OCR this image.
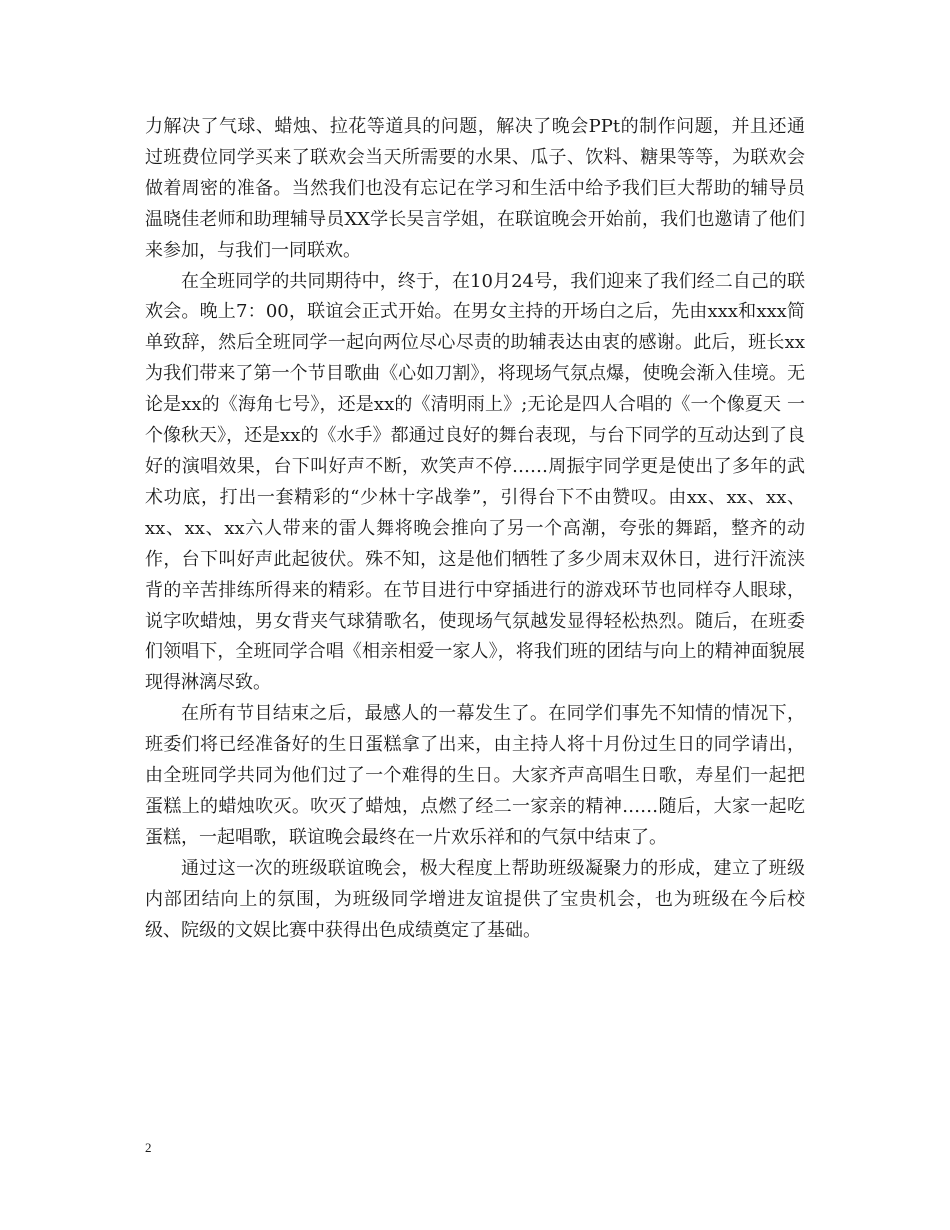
力解决了气球、蜡烛、拉花等道具的问题，解决了晚会PPt的制作问题，并且还通过班费位同学买来了联欢会当天所需要的水果、瓜子、饮料、糖果等等，为联欢会做着周密的准备。当然我们也没有忘记在学习和生活中给予我们巨大帮助的辅导员温晓佳老师和助理辅导员XX学长吴言学姐，在联谊晚会开始前，我们也邀请了他们来参加，与我们一同联欢。

在全班同学的共同期待中，终于，在10月24号，我们迎来了我们经二自己的联欢会。晚上7：00，联谊会正式开始。在男女主持的开场白之后，先由xxx和xxx简单致辞，然后全班同学一起向两位尽心尽责的助辅表达由衷的感谢。此后，班长xx为我们带来了第一个节目歌曲《心如刀割》，将现场气氛点爆，使晚会渐入佳境。无论是xx的《海角七号》，还是xx的《清明雨上》;无论是四人合唱的《一个像夏天 一个像秋天》，还是xx的《水手》都通过良好的舞台表现，与台下同学的互动达到了良好的演唱效果，台下叫好声不断，欢笑声不停……周振宇同学更是使出了多年的武术功底，打出一套精彩的“少林十字战拳”，引得台下不由赞叹。由xx、xx、xx、xx、xx、xx六人带来的雷人舞将晚会推向了另一个高潮，夸张的舞蹈，整齐的动作，台下叫好声此起彼伏。殊不知，这是他们牺牲了多少周末双休日，进行汗流浃背的辛苦排练所得来的精彩。在节目进行中穿插进行的游戏环节也同样夺人眼球，说字吹蜡烛，男女背夹气球猜歌名，使现场气氛越发显得轻松热烈。随后，在班委们领唱下，全班同学合唱《相亲相爱一家人》，将我们班的团结与向上的精神面貌展现得淋漓尽致。

在所有节目结束之后，最感人的一幕发生了。在同学们事先不知情的情况下，班委们将已经准备好的生日蛋糕拿了出来，由主持人将十月份过生日的同学请出，由全班同学共同为他们过了一个难得的生日。大家齐声高唱生日歌，寿星们一起把蛋糕上的蜡烛吹灭。吹灭了蜡烛，点燃了经二一家亲的精神……随后，大家一起吃蛋糕，一起唱歌，联谊晚会最终在一片欢乐祥和的气氛中结束了。

通过这一次的班级联谊晚会，极大程度上帮助班级凝聚力的形成，建立了班级内部团结向上的氛围，为班级同学增进友谊提供了宝贵机会，也为班级在今后校级、院级的文娱比赛中获得出色成绩奠定了基础。

2
